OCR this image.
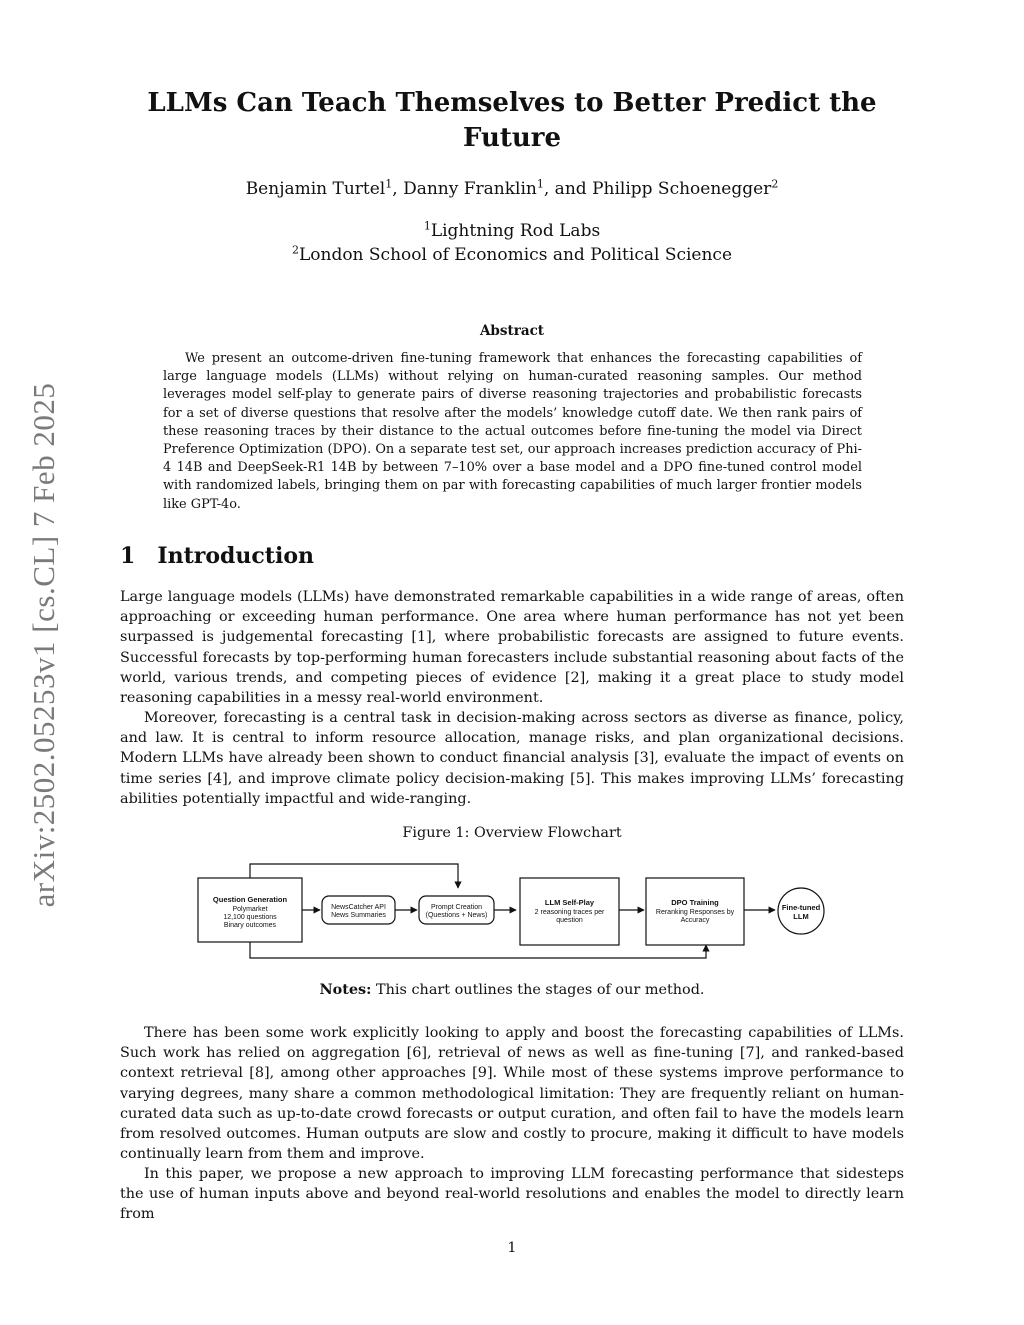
arXiv:2502.05253v1 [cs.CL] 7 Feb 2025
LLMs Can Teach Themselves to Better Predict the
Future
Benjamin Turtel$^1$, Danny Franklin$^1$, and Philipp Schoenegger$^2$
$^1$Lightning Rod Labs
$^2$London School of Economics and Political Science
Abstract

We present an outcome-driven fine-tuning framework that enhances the forecasting capabilities of large language models (LLMs) without relying on human-curated reasoning samples. Our method leverages model self-play to generate pairs of diverse reasoning trajectories and probabilistic forecasts for a set of diverse questions that resolve after the models’ knowledge cutoff date. We then rank pairs of these reasoning traces by their distance to the actual outcomes before fine-tuning the model via Direct Preference Optimization (DPO). On a separate test set, our approach increases prediction accuracy of Phi-4 14B and DeepSeek-R1 14B by between 7–10% over a base model and a DPO fine-tuned control model with randomized labels, bringing them on par with forecasting capabilities of much larger frontier models like GPT-4o.

1 Introduction

Large language models (LLMs) have demonstrated remarkable capabilities in a wide range of areas, often approaching or exceeding human performance. One area where human performance has not yet been surpassed is judgemental forecasting [1], where probabilistic forecasts are assigned to future events. Successful forecasts by top-performing human forecasters include substantial reasoning about facts of the world, various trends, and competing pieces of evidence [2], making it a great place to study model reasoning capabilities in a messy real-world environment.

Moreover, forecasting is a central task in decision-making across sectors as diverse as finance, policy, and law. It is central to inform resource allocation, manage risks, and plan organizational decisions. Modern LLMs have already been shown to conduct financial analysis [3], evaluate the impact of events on time series [4], and improve climate policy decision-making [5]. This makes improving LLMs’ forecasting abilities potentially impactful and wide-ranging.

Figure 1: Overview Flowchart
Question Generation
Polymarket
12,100 questions
Binary outcomes
NewsCatcher API
News Summaries
Prompt Creation
(Questions + News)
LLM Self-Play
2 reasoning traces per
question
DPO Training
Reranking Responses by
Accuracy
Fine-tuned
LLM
Notes: This chart outlines the stages of our method.

There has been some work explicitly looking to apply and boost the forecasting capabilities of LLMs. Such work has relied on aggregation [6], retrieval of news as well as fine-tuning [7], and ranked-based context retrieval [8], among other approaches [9]. While most of these systems improve performance to varying degrees, many share a common methodological limitation: They are frequently reliant on human-curated data such as up-to-date crowd forecasts or output curation, and often fail to have the models learn from resolved outcomes. Human outputs are slow and costly to procure, making it difficult to have models continually learn from them and improve.

In this paper, we propose a new approach to improving LLM forecasting performance that sidesteps the use of human inputs above and beyond real-world resolutions and enables the model to directly learn from

1
